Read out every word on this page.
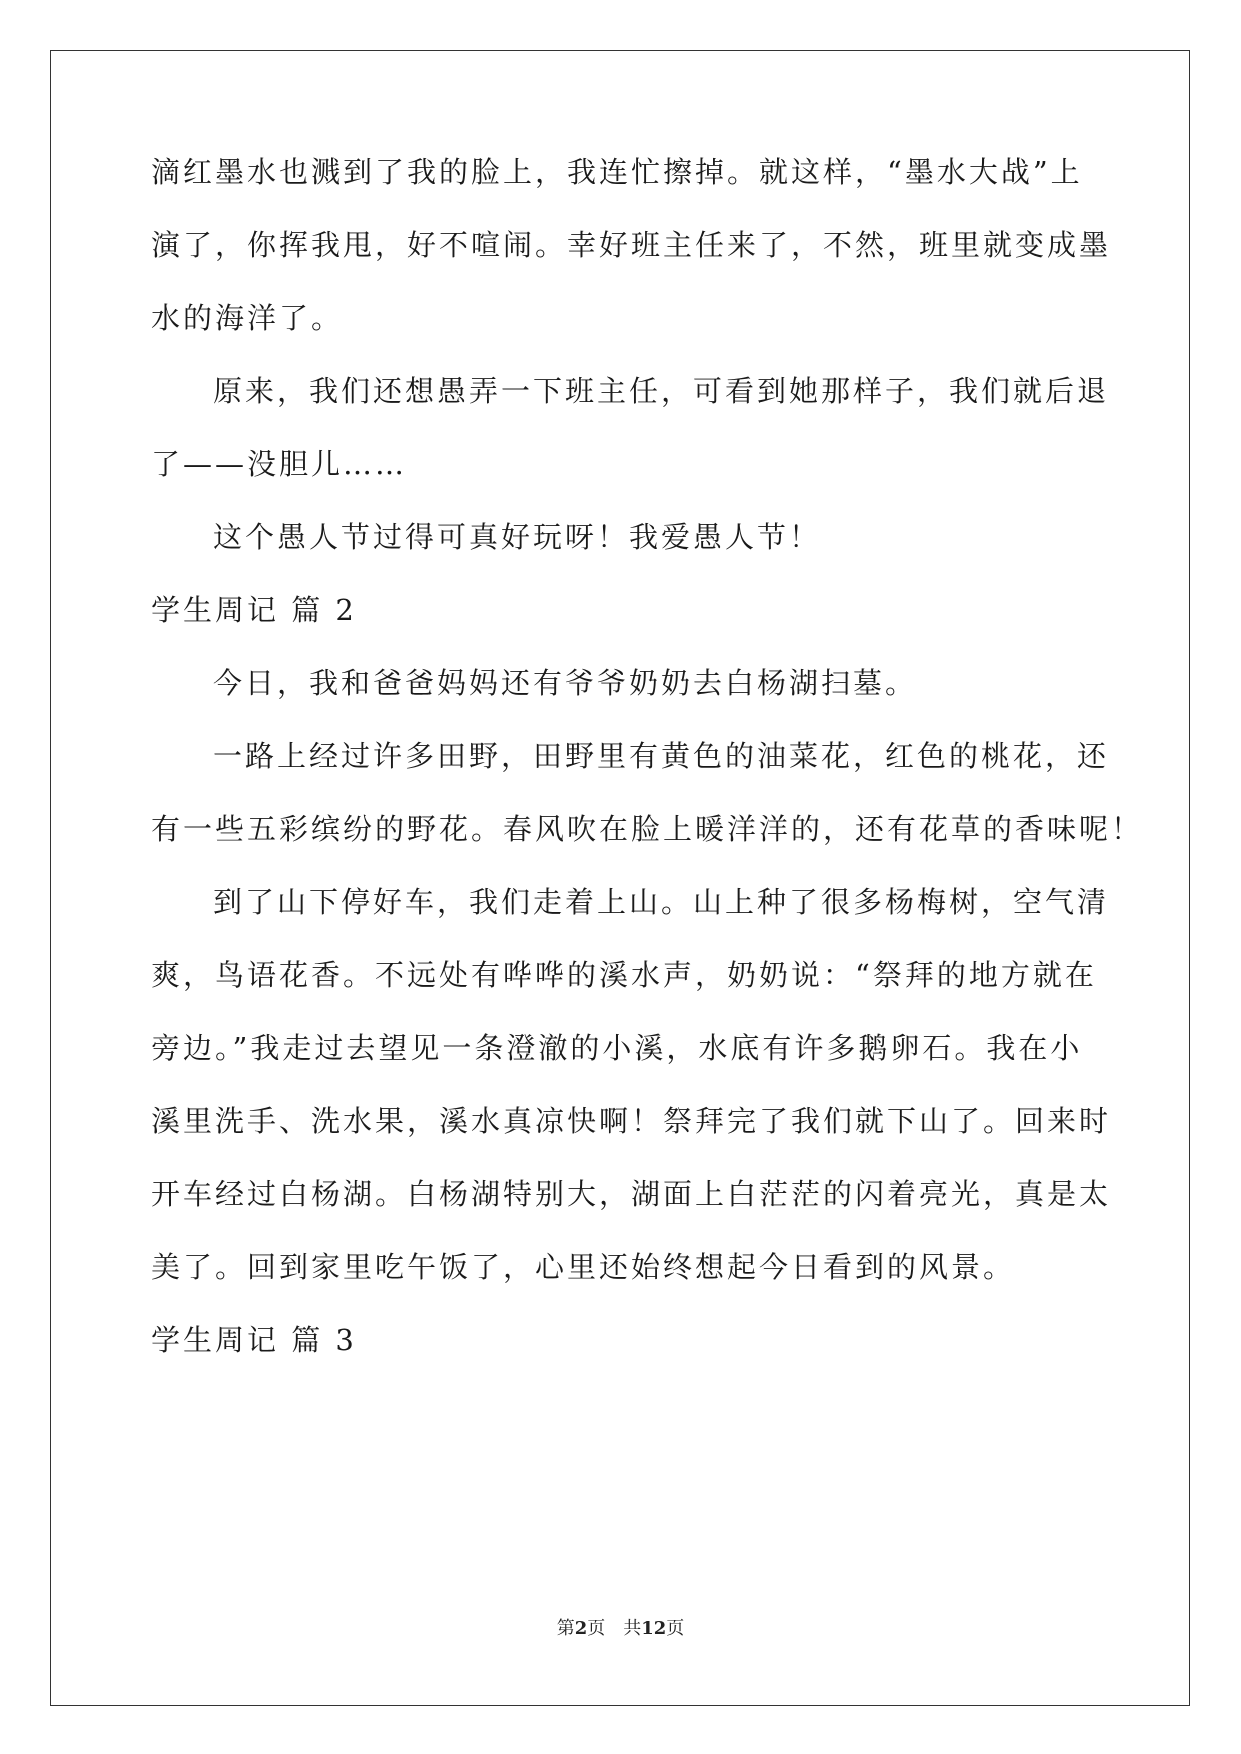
滴红墨水也溅到了我的脸上，我连忙擦掉。就这样，“墨水大战”上
演了，你挥我甩，好不喧闹。幸好班主任来了，不然，班里就变成墨
水的海洋了。
原来，我们还想愚弄一下班主任，可看到她那样子，我们就后退
了——没胆儿……
这个愚人节过得可真好玩呀！我爱愚人节！
学生周记 篇 2
今日，我和爸爸妈妈还有爷爷奶奶去白杨湖扫墓。
一路上经过许多田野，田野里有黄色的油菜花，红色的桃花，还
有一些五彩缤纷的野花。春风吹在脸上暖洋洋的，还有花草的香味呢！
到了山下停好车，我们走着上山。山上种了很多杨梅树，空气清
爽，鸟语花香。不远处有哗哗的溪水声，奶奶说：“祭拜的地方就在
旁边。”我走过去望见一条澄澈的小溪，水底有许多鹅卵石。我在小
溪里洗手、洗水果，溪水真凉快啊！祭拜完了我们就下山了。回来时
开车经过白杨湖。白杨湖特别大，湖面上白茫茫的闪着亮光，真是太
美了。回到家里吃午饭了，心里还始终想起今日看到的风景。
学生周记 篇 3
第2页　共12页
